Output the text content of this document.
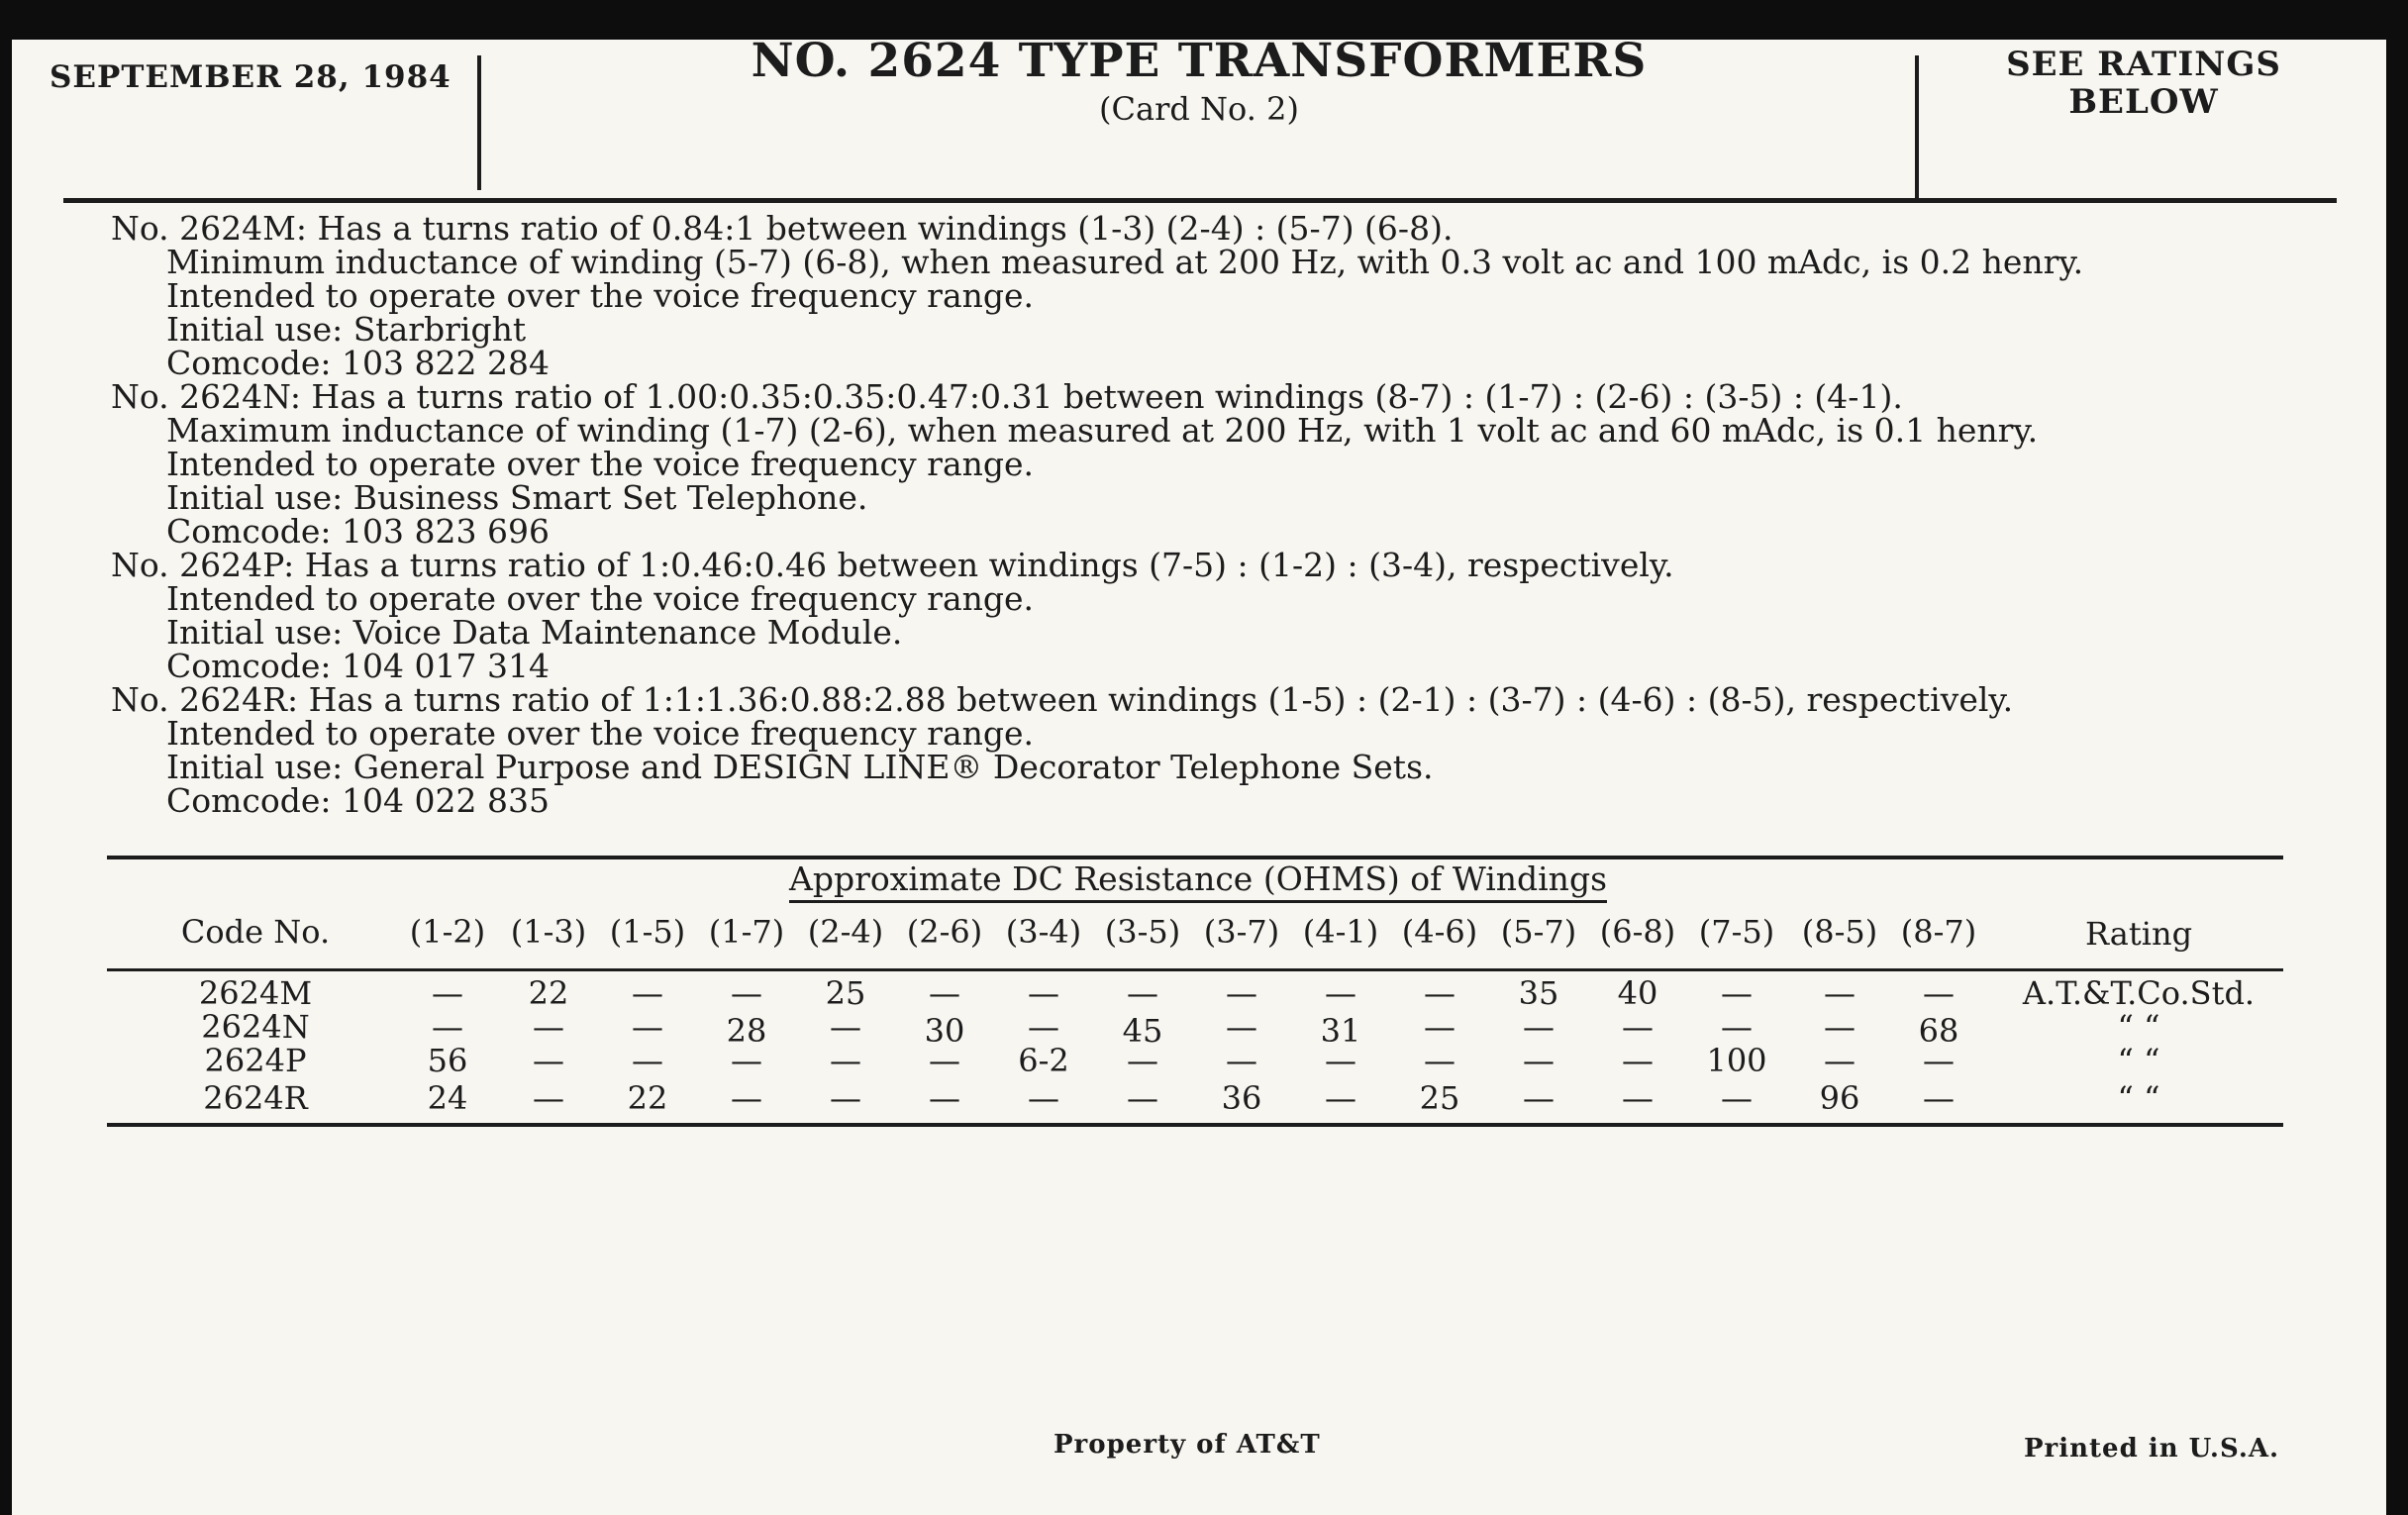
SEPTEMBER 28, 1984	NO. 2624 TYPE TRANSFORMERS
(Card No. 2)
SEE RATINGS
BELOW
No. 2624M: Has a turns ratio of 0.84:1 between windings (1-3) (2-4) : (5-7) (6-8).
Minimum inductance of winding (5-7) (6-8), when measured at 200 Hz, with 0.3 volt ac and 100 mAdc, is 0.2 henry.
Intended to operate over the voice frequency range.
Initial use: Starbright
Comcode: 103 822 284
No. 2624N: Has a turns ratio of 1.00:0.35:0.35:0.47:0.31 between windings (8-7) : (1-7) : (2-6) : (3-5) : (4-1).
Maximum inductance of winding (1-7) (2-6), when measured at 200 Hz, with 1 volt ac and 60 mAdc, is 0.1 henry.
Intended to operate over the voice frequency range.
Initial use: Business Smart Set Telephone.
Comcode: 103 823 696
No. 2624P: Has a turns ratio of 1:0.46:0.46 between windings (7-5) : (1-2) : (3-4), respectively.
Intended to operate over the voice frequency range.
Initial use: Voice Data Maintenance Module.
Comcode: 104 017 314
No. 2624R: Has a turns ratio of 1:1:1.36:0.88:2.88 between windings (1-5) : (2-1) : (3-7) : (4-6) : (8-5), respectively.
Intended to operate over the voice frequency range.
Initial use: General Purpose and DESIGN LINE® Decorator Telephone Sets.
Comcode: 104 022 835
Approximate DC Resistance (OHMS) of Windings
Code No.	(1-2) (1-3) (1-5) (1-7) (2-4) (2-6) (3-4) (3-5) (3-7) (4-1) (4-6) (5-7) (6-8) (7-5) (8-5) (8-7)	Rating
2624M	—	22	—	—	25	—	—	—	—	—	—	35	40	—	—	—	A.T.&T.Co.Std.
2624N	—	—	—	28	—	30	—	45	—	31	—	—	—	—	—	68	“ “
2624P	56	—	—	—	—	—	6-2	—	—	—	—	—	—	100	—	—	“ “
2624R	24	—	22	—	—	—	—	—	36	—	25	—	—	—	96	—	“ “
Property of AT&T	Printed in U.S.A.
